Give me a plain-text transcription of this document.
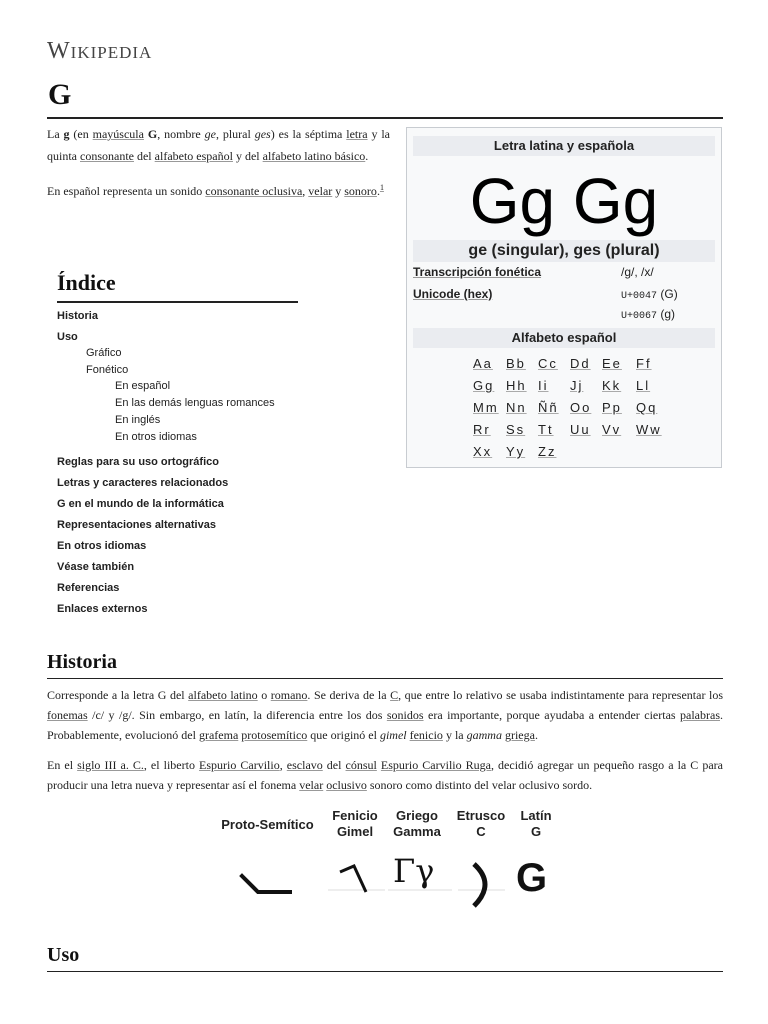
Wikipedia
G

La g (en mayúscula G, nombre ge, plural ges) es la séptima letra y la quinta consonante del alfabeto español y del alfabeto latino básico.

En español representa un sonido consonante oclusiva, velar y sonoro.$^1$

Letra latina y española
Gg Gg
ge (singular), ges (plural)
Transcripción fonética	/g/, /x/
Unicode (hex)	U+0047 (G)
U+0067 (g)
Alfabeto español
Aa Bb Cc Dd Ee Ff
Gg Hh Ii Jj Kk Ll
Mm Nn Ññ Oo Pp Qq
Rr Ss Tt Uu Vv Ww
Xx Yy Zz
Índice
Historia
Uso
Gráfico
Fonético
En español
En las demás lenguas romances
En inglés
En otros idiomas
Reglas para su uso ortográfico
Letras y caracteres relacionados
G en el mundo de la informática
Representaciones alternativas
En otros idiomas
Véase también
Referencias
Enlaces externos
Historia

Corresponde a la letra G del alfabeto latino o romano. Se deriva de la C, que entre lo relativo se usaba indistintamente para representar los fonemas /c/ y /g/. Sin embargo, en latín, la diferencia entre los dos sonidos era importante, porque ayudaba a entender ciertas palabras. Probablemente, evolucionó del grafema protosemítico que originó el gimel fenicio y la gamma griega.

En el siglo III a. C., el liberto Espurio Carvilio, esclavo del cónsul Espurio Carvilio Ruga, decidió agregar un pequeño rasgo a la C para producir una letra nueva y representar así el fonema velar oclusivo sonoro como distinto del velar oclusivo sordo.

Proto-Semítico
Fenicio
Gimel
Griego
Gamma
Etrusco
C
Latín
G
Γγ G
Uso
